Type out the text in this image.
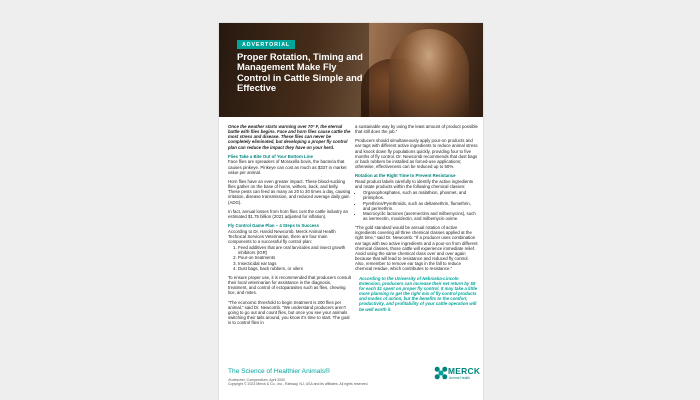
ADVERTORIAL
Proper Rotation, Timing and Management Make Fly Control in Cattle Simple and Effective

Once the weather starts warming over 70° F, the eternal battle with flies begins. Face and horn flies cause cattle the most stress and disease. These flies can never be completely eliminated, but developing a proper fly control plan can reduce the impact they have on your herd.

Flies Take a Bite Out of Your Bottom Line

Face flies are spreaders of Moraxella bovis, the bacteria that causes pinkeye. Pinkeye can cost as much as $337 in market value per animal.

Horn flies have an even greater impact. These blood-sucking flies gather on the base of horns, withers, back, and belly. These pests can feed as many as 20 to 30 times a day, causing irritation, disease transmission, and reduced average daily gain (ADG).

In fact, annual losses from horn flies cost the cattle industry an estimated $1.75 billion (2021 adjusted for inflation).

Fly Control Game Plan – 4 Steps to Success

According to Dr. Harold Newcomb, Merck Animal Health Technical Services Veterinarian, there are four main components to a successful fly control plan:

1. Feed additives that are oral larvicides and insect growth inhibitors (IGR)
2. Pour-on treatments
3. Insecticidal ear tags
4. Dust bags, back rubbers, or oilers

To ensure proper use, it is recommended that producers consult their local veterinarian for assistance in the diagnosis, treatment, and control of ectoparasites such as flies, chewing lice, and mites.

“The economic threshold to begin treatment is 200 flies per animal,” said Dr. Newcomb. “We understand producers aren’t going to go out and count flies, but once you see your animals switching their tails around, you know it’s time to start. The goal is to control flies in

a sustainable way by using the least amount of product possible that still does the job.”

Producers should simultaneously apply pour-on products and ear tags with different active ingredients to reduce animal stress and knock down fly populations quickly, providing four to five months of fly control. Dr. Newcomb recommends that dust bags or back rubbers be installed as forced-use applications; otherwise, effectiveness can be reduced up to 50%.

Rotation at the Right Time to Prevent Resistance

Read product labels carefully to identify the active ingredients and rotate products within the following chemical classes:

• Organophosphates, such as malathion, phosmet, and pirimiphos.
• Pyrethrins/Pyrethroids, such as deltamethrin, flumethrin, and permethrin.
• Macrocyclic lactones (avermectins and milbemycins), such as ivermectin, moxidectin, and milbemycin oxime.

“The gold standard would be annual rotation of active ingredients covering all three chemical classes applied at the right time,” said Dr. Newcomb. “If a producer uses combination ear tags with two active ingredients and a pour-on from different chemical classes, those cattle will experience immediate relief. Avoid using the same chemical class over and over again because that will lead to resistance and reduced fly control. Also, remember to remove ear tags in the fall to reduce chemical residue, which contributes to resistance.”

According to the University of Nebraska-Lincoln Extension, producers can increase their net return by $8 for each $1 spent on proper fly control. It may take a little more planning to get the right mix of fly control products and modes of action, but the benefits to the comfort, productivity, and profitability of your cattle operation will be well worth it.

The Science of Healthier Animals®
¹Koetscher, Compendium, April 2000.
Copyright © 2023 Merck & Co., Inc., Rahway, NJ, USA and its affiliates. All rights reserved.
MERCK
Animal Health
